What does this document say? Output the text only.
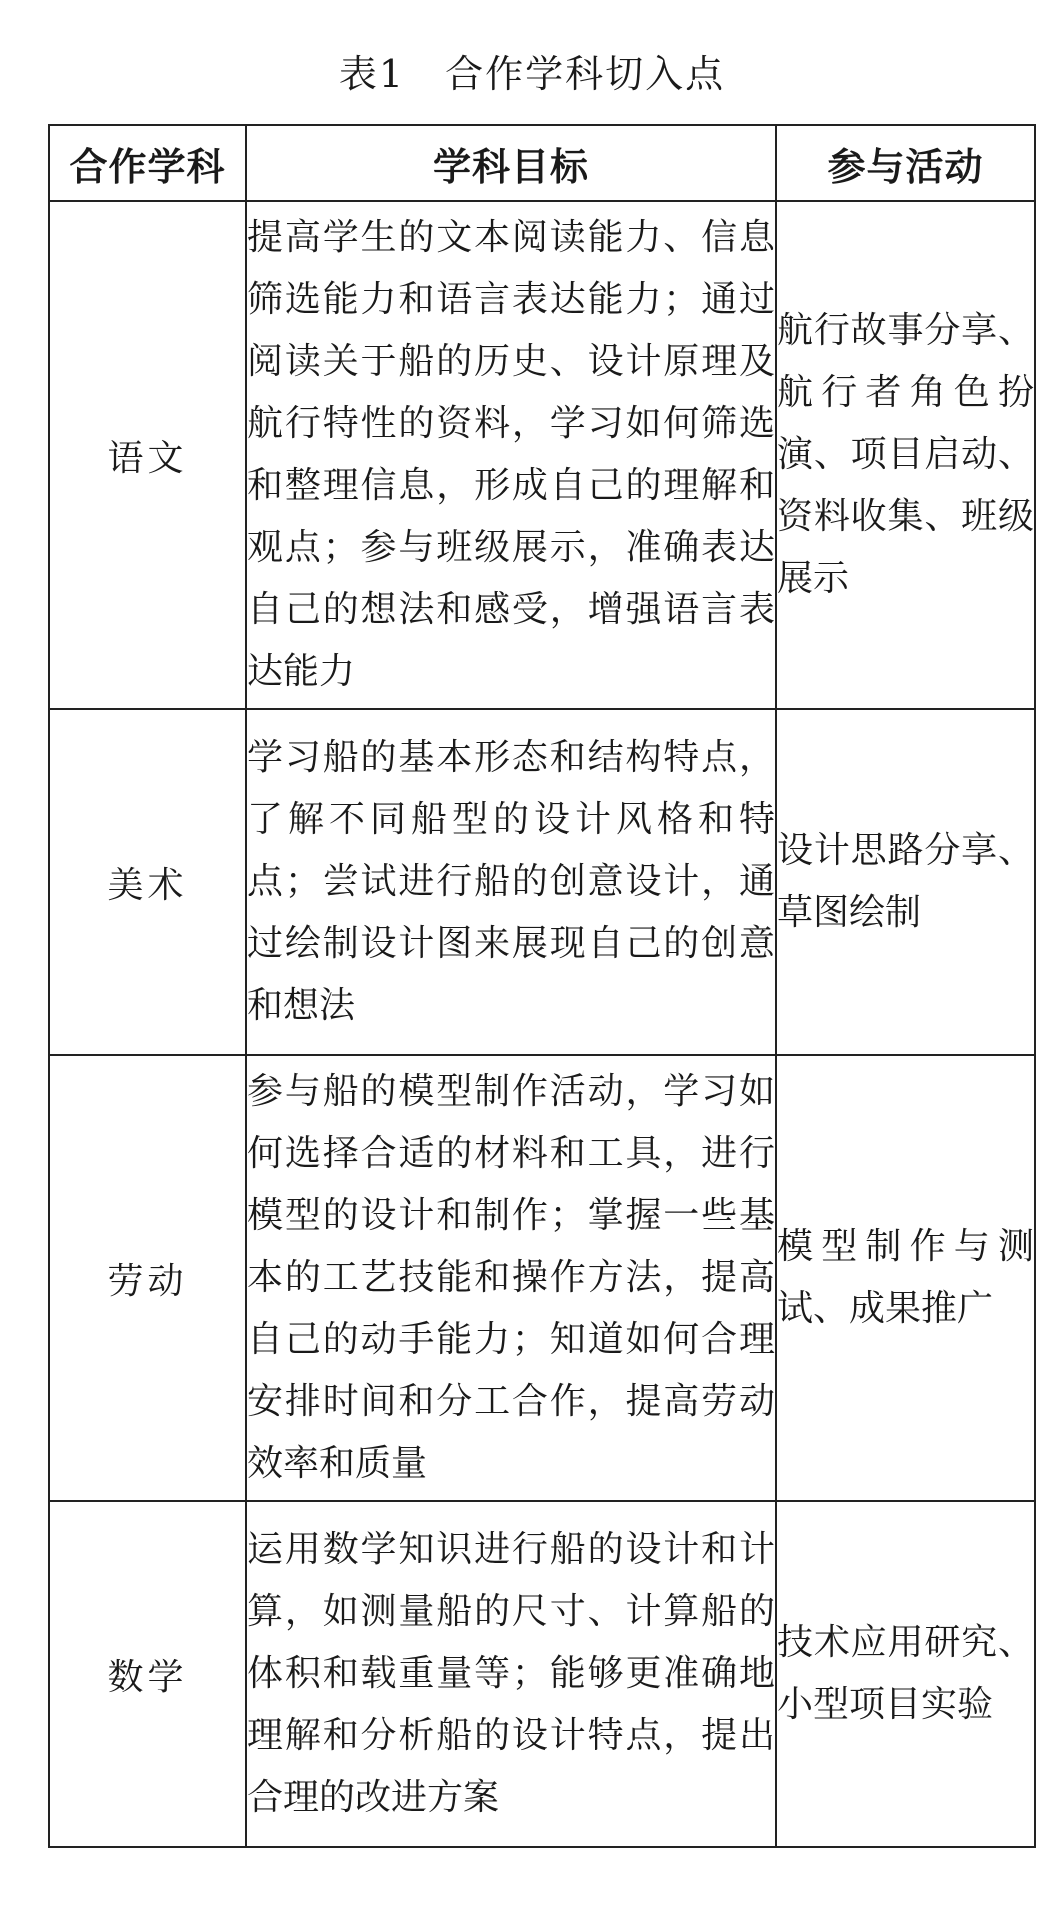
表1　合作学科切入点
合作学科	学科目标	参与活动
语文	提高学生的文本阅读能力、信息筛选能力和语言表达能力；通过阅读关于船的历史、设计原理及航行特性的资料，学习如何筛选和整理信息，形成自己的理解和观点；参与班级展示，准确表达自己的想法和感受，增强语言表达能力	航行故事分享、航行者角色扮演、项目启动、资料收集、班级展示
美术	学习船的基本形态和结构特点，了解不同船型的设计风格和特点；尝试进行船的创意设计，通过绘制设计图来展现自己的创意和想法	设计思路分享、草图绘制
劳动	参与船的模型制作活动，学习如何选择合适的材料和工具，进行模型的设计和制作；掌握一些基本的工艺技能和操作方法，提高自己的动手能力；知道如何合理安排时间和分工合作，提高劳动效率和质量	模型制作与测试、成果推广
数学	运用数学知识进行船的设计和计算，如测量船的尺寸、计算船的体积和载重量等；能够更准确地理解和分析船的设计特点，提出合理的改进方案	技术应用研究、小型项目实验
